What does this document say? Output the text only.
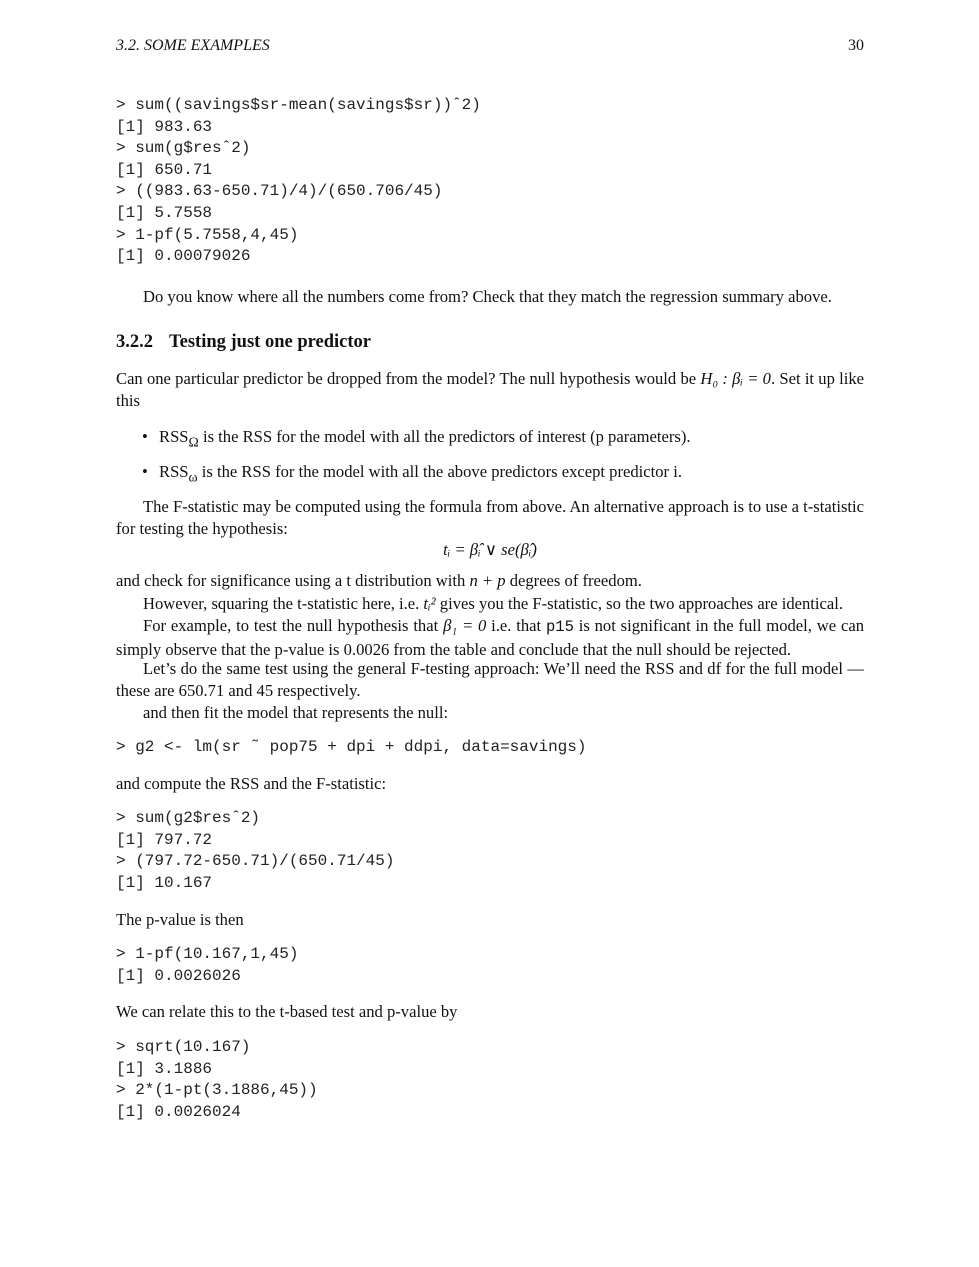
3.2. SOME EXAMPLES	30
> sum((savings$sr-mean(savings$sr))ˆ2)
[1] 983.63
> sum(g$resˆ2)
[1] 650.71
> ((983.63-650.71)/4)/(650.706/45)
[1] 5.7558
> 1-pf(5.7558,4,45)
[1] 0.00079026
Do you know where all the numbers come from? Check that they match the regression summary above.
3.2.2 Testing just one predictor
Can one particular predictor be dropped from the model? The null hypothesis would be H₀ : βᵢ = 0. Set it up like this
• $RSS_\Omega$ is the RSS for the model with all the predictors of interest (p parameters).
• $RSS_\omega$ is the RSS for the model with all the above predictors except predictor i.
The F-statistic may be computed using the formula from above. An alternative approach is to use a t-statistic for testing the hypothesis:
tᵢ = β̂ᵢ ∨ se(β̂ᵢ)
and check for significance using a t distribution with n + p degrees of freedom.
However, squaring the t-statistic here, i.e. tᵢ² gives you the F-statistic, so the two approaches are identical.
For example, to test the null hypothesis that β₁ = 0 i.e. that p15 is not significant in the full model, we can simply observe that the p-value is 0.0026 from the table and conclude that the null should be rejected.
Let’s do the same test using the general F-testing approach: We’ll need the RSS and df for the full model — these are 650.71 and 45 respectively.
and then fit the model that represents the null:
> g2 <- lm(sr ˜ pop75 + dpi + ddpi, data=savings)
and compute the RSS and the F-statistic:
> sum(g2$resˆ2)
[1] 797.72
> (797.72-650.71)/(650.71/45)
[1] 10.167
The p-value is then
> 1-pf(10.167,1,45)
[1] 0.0026026
We can relate this to the t-based test and p-value by
> sqrt(10.167)
[1] 3.1886
> 2*(1-pt(3.1886,45))
[1] 0.0026024
